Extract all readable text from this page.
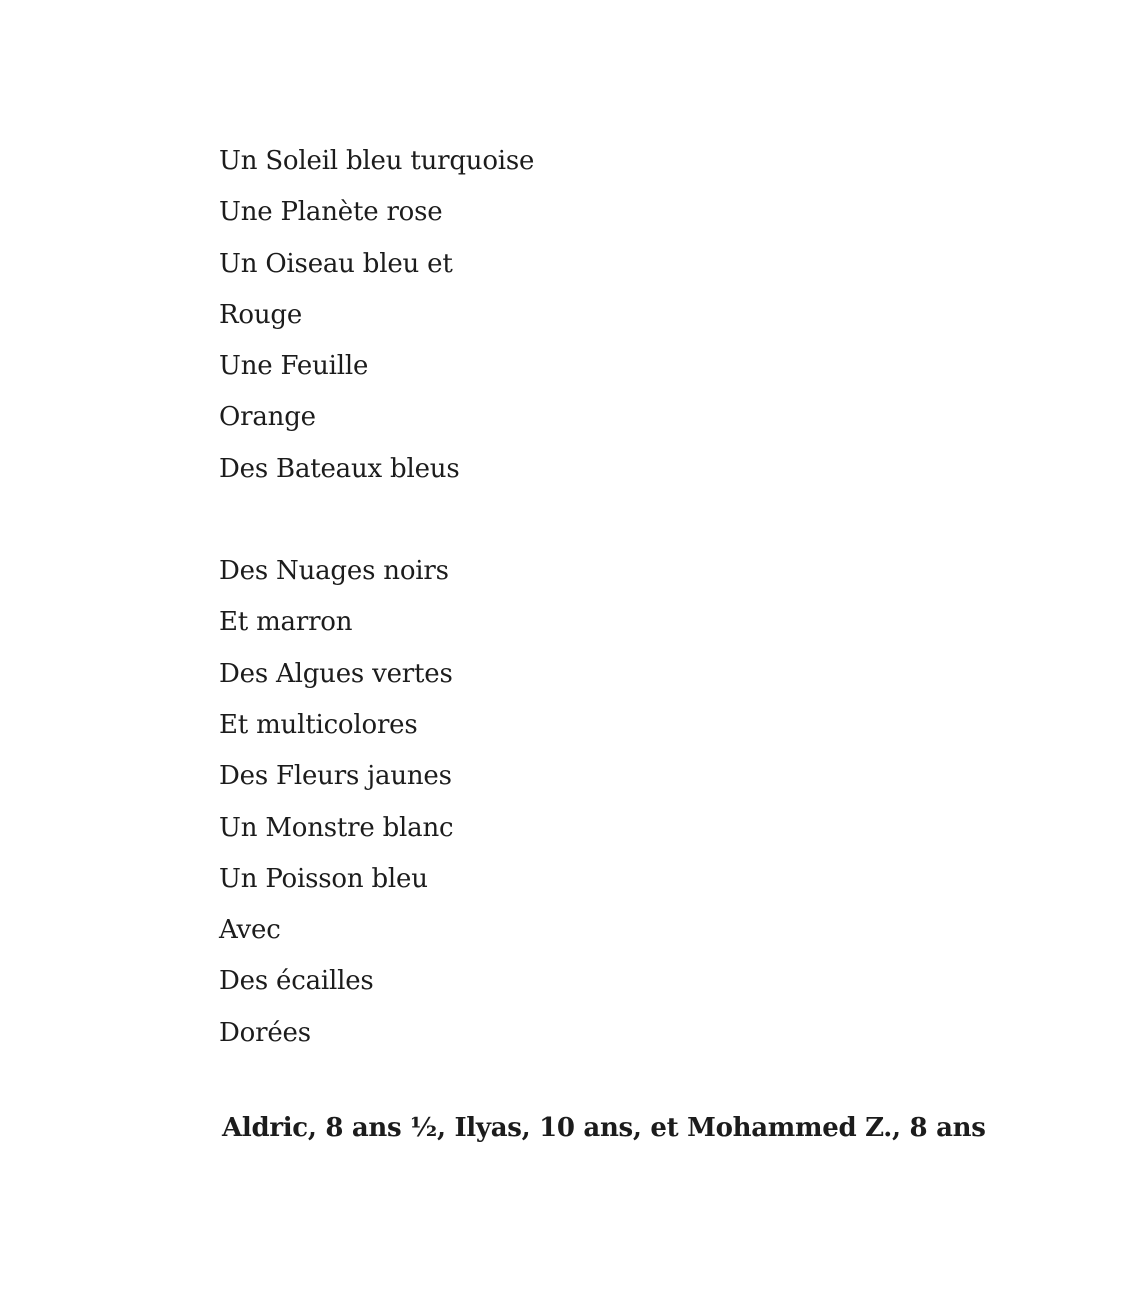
Un Soleil bleu turquoise
Une Planète rose
Un Oiseau bleu et
Rouge
Une Feuille
Orange
Des Bateaux bleus
Des Nuages noirs
Et marron
Des Algues vertes
Et multicolores
Des Fleurs jaunes
Un Monstre blanc
Un Poisson bleu
Avec
Des écailles
Dorées
Aldric, 8 ans ½, Ilyas, 10 ans, et Mohammed Z., 8 ans
